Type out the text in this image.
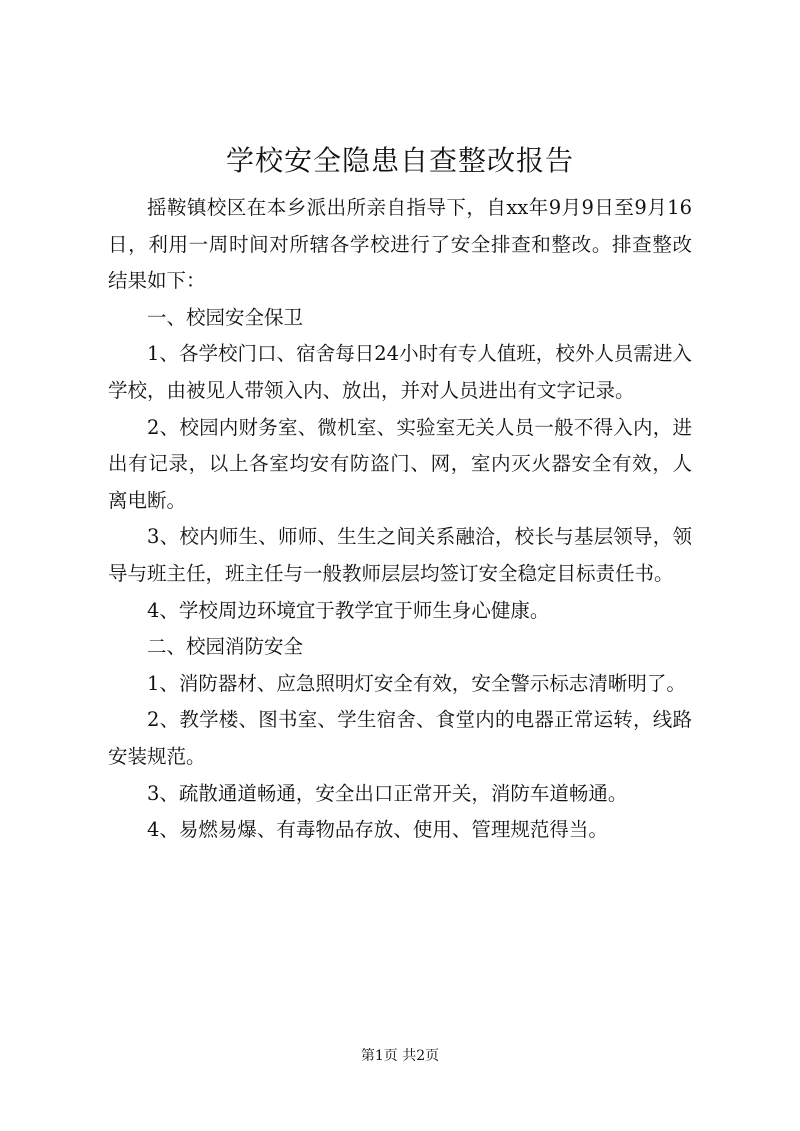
学校安全隐患自查整改报告

摇鞍镇校区在本乡派出所亲自指导下，自xx年9月9日至9月16日，利用一周时间对所辖各学校进行了安全排查和整改。排查整改结果如下：

一、校园安全保卫

1、各学校门口、宿舍每日24小时有专人值班，校外人员需进入学校，由被见人带领入内、放出，并对人员进出有文字记录。

2、校园内财务室、微机室、实验室无关人员一般不得入内，进出有记录，以上各室均安有防盗门、网，室内灭火器安全有效，人离电断。

3、校内师生、师师、生生之间关系融洽，校长与基层领导，领导与班主任，班主任与一般教师层层均签订安全稳定目标责任书。

4、学校周边环境宜于教学宜于师生身心健康。

二、校园消防安全

1、消防器材、应急照明灯安全有效，安全警示标志清晰明了。

2、教学楼、图书室、学生宿舍、食堂内的电器正常运转，线路安装规范。

3、疏散通道畅通，安全出口正常开关，消防车道畅通。

4、易燃易爆、有毒物品存放、使用、管理规范得当。

第1页 共2页
